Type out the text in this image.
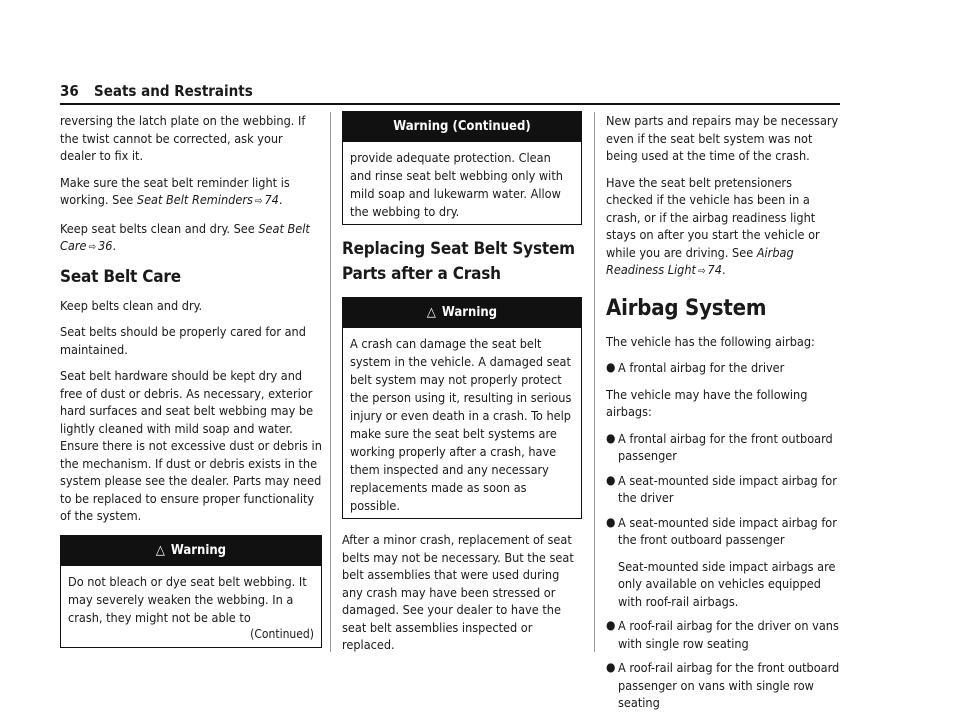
36 Seats and Restraints

reversing the latch plate on the webbing. If the twist cannot be corrected, ask your dealer to fix it.

Make sure the seat belt reminder light is working. See Seat Belt Reminders ⇨ 74.

Keep seat belts clean and dry. See Seat Belt Care ⇨ 36.

Seat Belt Care

Keep belts clean and dry.

Seat belts should be properly cared for and maintained.

Seat belt hardware should be kept dry and free of dust or debris. As necessary, exterior hard surfaces and seat belt webbing may be lightly cleaned with mild soap and water. Ensure there is not excessive dust or debris in the mechanism. If dust or debris exists in the system please see the dealer. Parts may need to be replaced to ensure proper functionality of the system.

△ Warning
Do not bleach or dye seat belt webbing. It may severely weaken the webbing. In a crash, they might not be able to
(Continued)
Warning (Continued)
provide adequate protection. Clean and rinse seat belt webbing only with mild soap and lukewarm water. Allow the webbing to dry.
Replacing Seat Belt System Parts after a Crash
△ Warning
A crash can damage the seat belt system in the vehicle. A damaged seat belt system may not properly protect the person using it, resulting in serious injury or even death in a crash. To help make sure the seat belt systems are working properly after a crash, have them inspected and any necessary replacements made as soon as possible.

After a minor crash, replacement of seat belts may not be necessary. But the seat belt assemblies that were used during any crash may have been stressed or damaged. See your dealer to have the seat belt assemblies inspected or replaced.

New parts and repairs may be necessary even if the seat belt system was not being used at the time of the crash.

Have the seat belt pretensioners checked if the vehicle has been in a crash, or if the airbag readiness light stays on after you start the vehicle or while you are driving. See Airbag Readiness Light ⇨ 74.

Airbag System

The vehicle has the following airbag:

● A frontal airbag for the driver

The vehicle may have the following airbags:

● A frontal airbag for the front outboard passenger
● A seat-mounted side impact airbag for the driver
● A seat-mounted side impact airbag for the front outboard passenger
Seat-mounted side impact airbags are only available on vehicles equipped with roof-rail airbags.
● A roof-rail airbag for the driver on vans with single row seating
● A roof-rail airbag for the front outboard passenger on vans with single row seating
